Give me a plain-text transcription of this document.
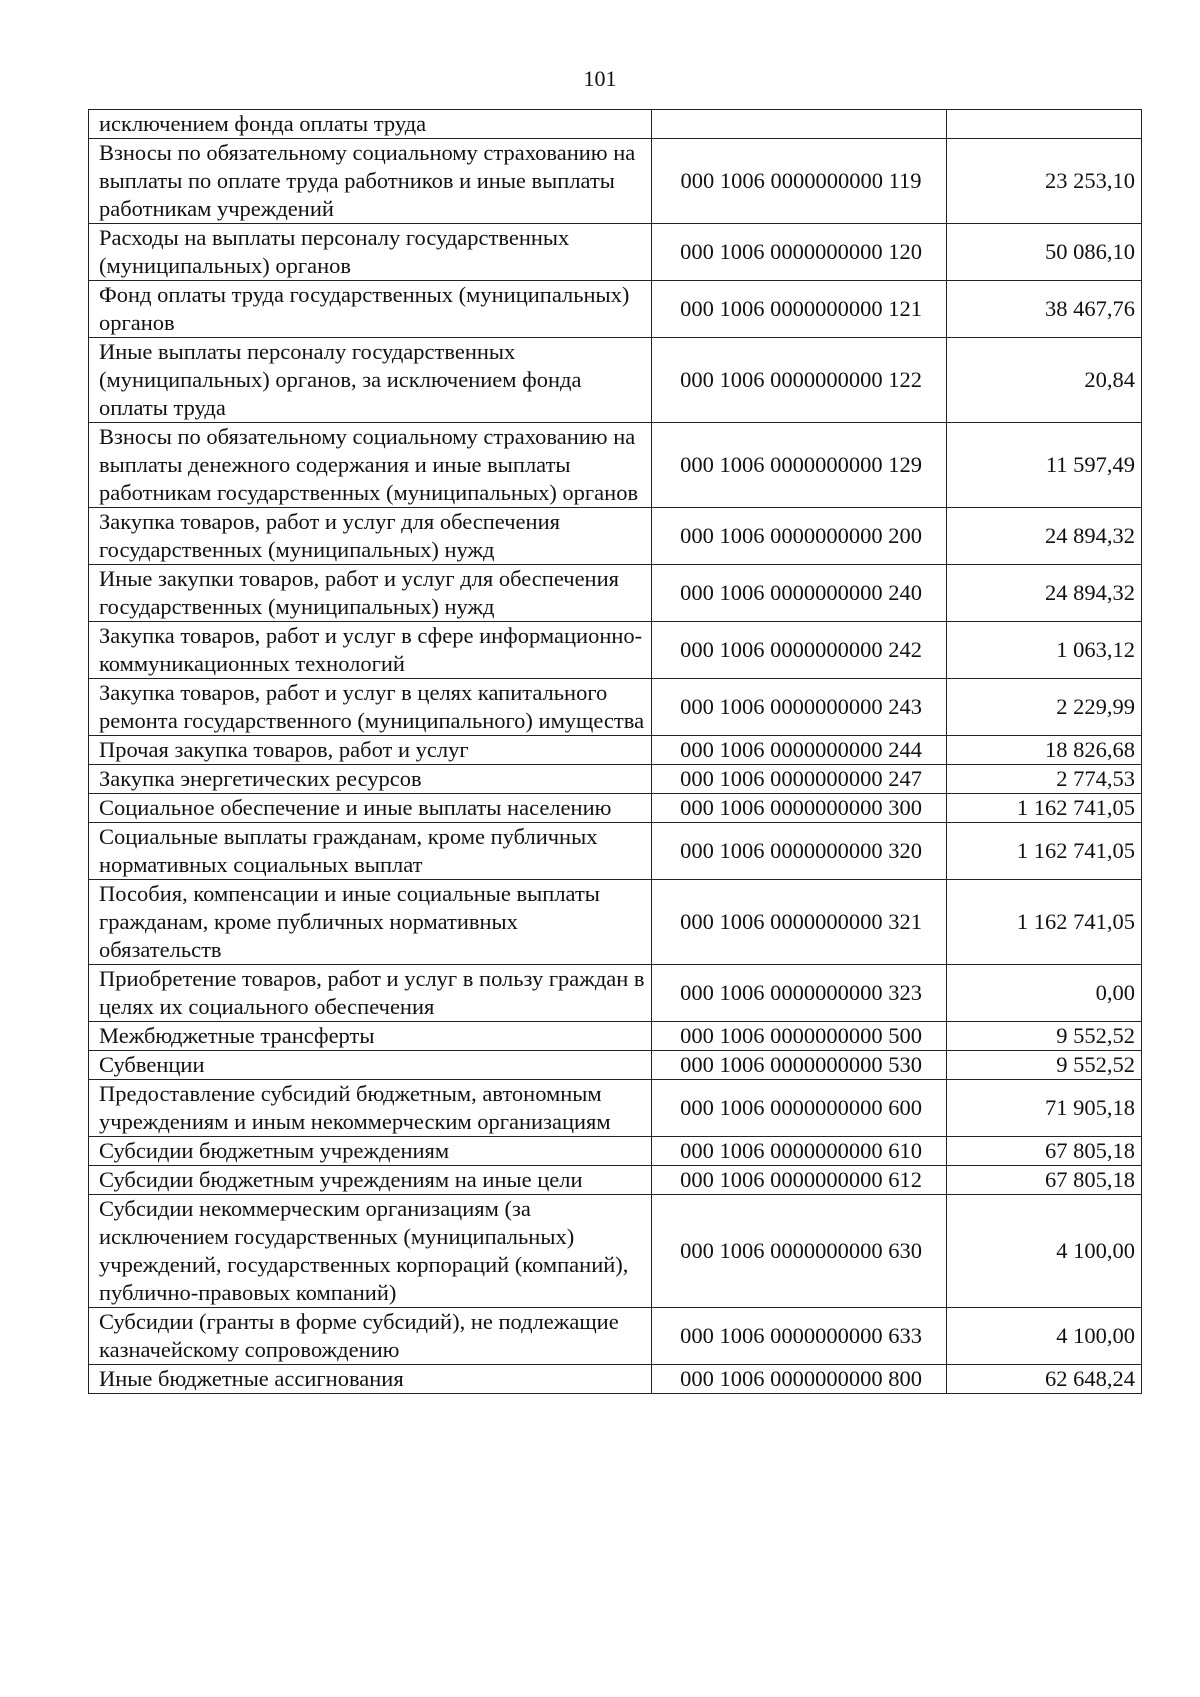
101
исключением фонда оплаты труда		
Взносы по обязательному социальному страхованию на выплаты по оплате труда работников и иные выплаты работникам учреждений	000 1006 0000000000 119	23 253,10
Расходы на выплаты персоналу государственных (муниципальных) органов	000 1006 0000000000 120	50 086,10
Фонд оплаты труда государственных (муниципальных) органов	000 1006 0000000000 121	38 467,76
Иные выплаты персоналу государственных (муниципальных) органов, за исключением фонда оплаты труда	000 1006 0000000000 122	20,84
Взносы по обязательному социальному страхованию на выплаты денежного содержания и иные выплаты работникам государственных (муниципальных) органов	000 1006 0000000000 129	11 597,49
Закупка товаров, работ и услуг для обеспечения государственных (муниципальных) нужд	000 1006 0000000000 200	24 894,32
Иные закупки товаров, работ и услуг для обеспечения государственных (муниципальных) нужд	000 1006 0000000000 240	24 894,32
Закупка товаров, работ и услуг в сфере информационно-коммуникационных технологий	000 1006 0000000000 242	1 063,12
Закупка товаров, работ и услуг в целях капитального ремонта государственного (муниципального) имущества	000 1006 0000000000 243	2 229,99
Прочая закупка товаров, работ и услуг	000 1006 0000000000 244	18 826,68
Закупка энергетических ресурсов	000 1006 0000000000 247	2 774,53
Социальное обеспечение и иные выплаты населению	000 1006 0000000000 300	1 162 741,05
Социальные выплаты гражданам, кроме публичных нормативных социальных выплат	000 1006 0000000000 320	1 162 741,05
Пособия, компенсации и иные социальные выплаты гражданам, кроме публичных нормативных обязательств	000 1006 0000000000 321	1 162 741,05
Приобретение товаров, работ и услуг в пользу граждан в целях их социального обеспечения	000 1006 0000000000 323	0,00
Межбюджетные трансферты	000 1006 0000000000 500	9 552,52
Субвенции	000 1006 0000000000 530	9 552,52
Предоставление субсидий бюджетным, автономным учреждениям и иным некоммерческим организациям	000 1006 0000000000 600	71 905,18
Субсидии бюджетным учреждениям	000 1006 0000000000 610	67 805,18
Субсидии бюджетным учреждениям на иные цели	000 1006 0000000000 612	67 805,18
Субсидии некоммерческим организациям (за исключением государственных (муниципальных) учреждений, государственных корпораций (компаний), публично-правовых компаний)	000 1006 0000000000 630	4 100,00
Субсидии (гранты в форме субсидий), не подлежащие казначейскому сопровождению	000 1006 0000000000 633	4 100,00
Иные бюджетные ассигнования	000 1006 0000000000 800	62 648,24
